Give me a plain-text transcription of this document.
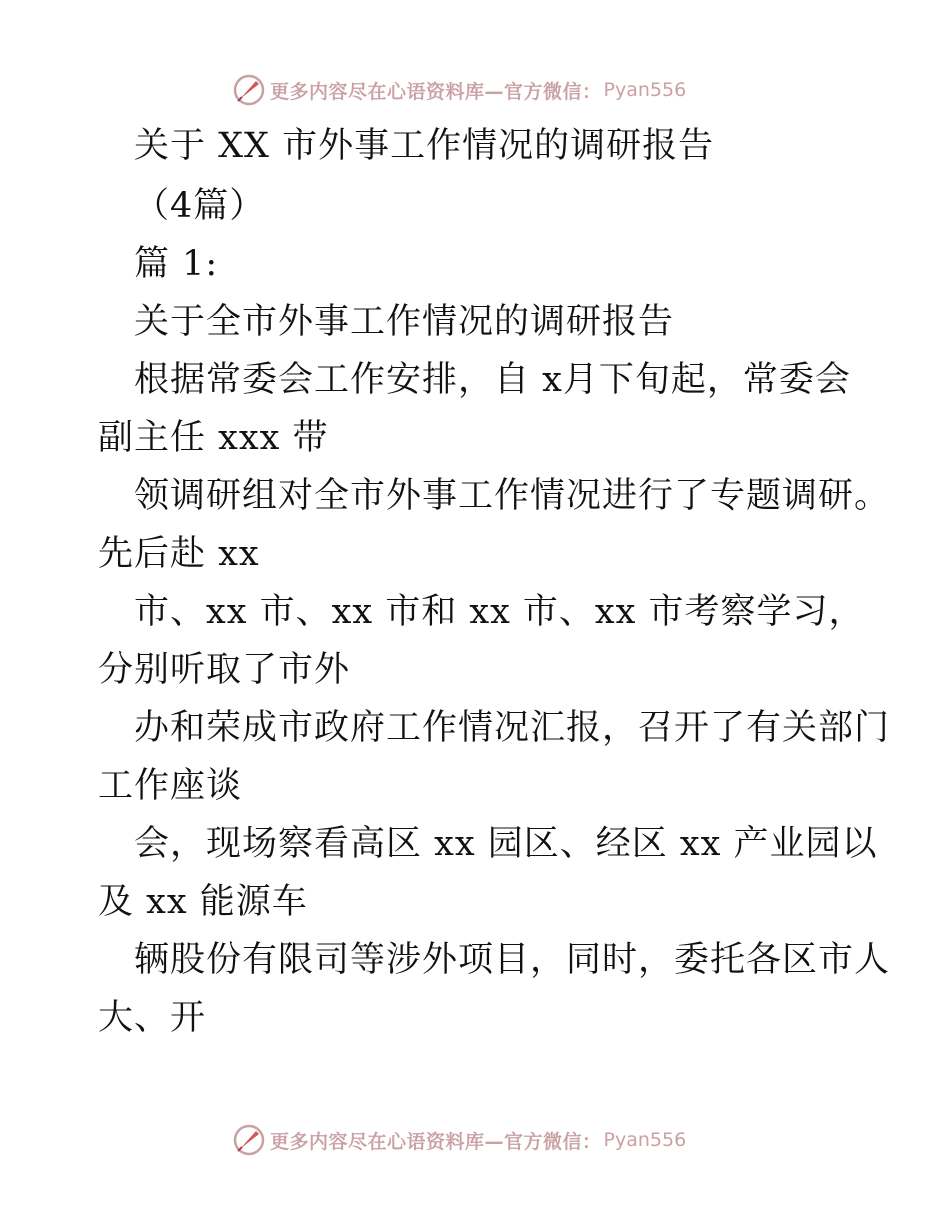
更多内容尽在心语资料库—官方微信： Pyan556
关于 XX 市外事工作情况的调研报告
（4篇）
篇 1:
关于全市外事工作情况的调研报告
根据常委会工作安排，自 x月下旬起，常委会
副主任 xxx 带
领调研组对全市外事工作情况进行了专题调研。
先后赴 xx
市、xx 市、xx 市和 xx 市、xx 市考察学习，
分别听取了市外
办和荣成市政府工作情况汇报，召开了有关部门
工作座谈
会，现场察看高区 xx 园区、经区 xx 产业园以
及 xx 能源车
辆股份有限司等涉外项目，同时，委托各区市人
大、开
更多内容尽在心语资料库—官方微信： Pyan556
